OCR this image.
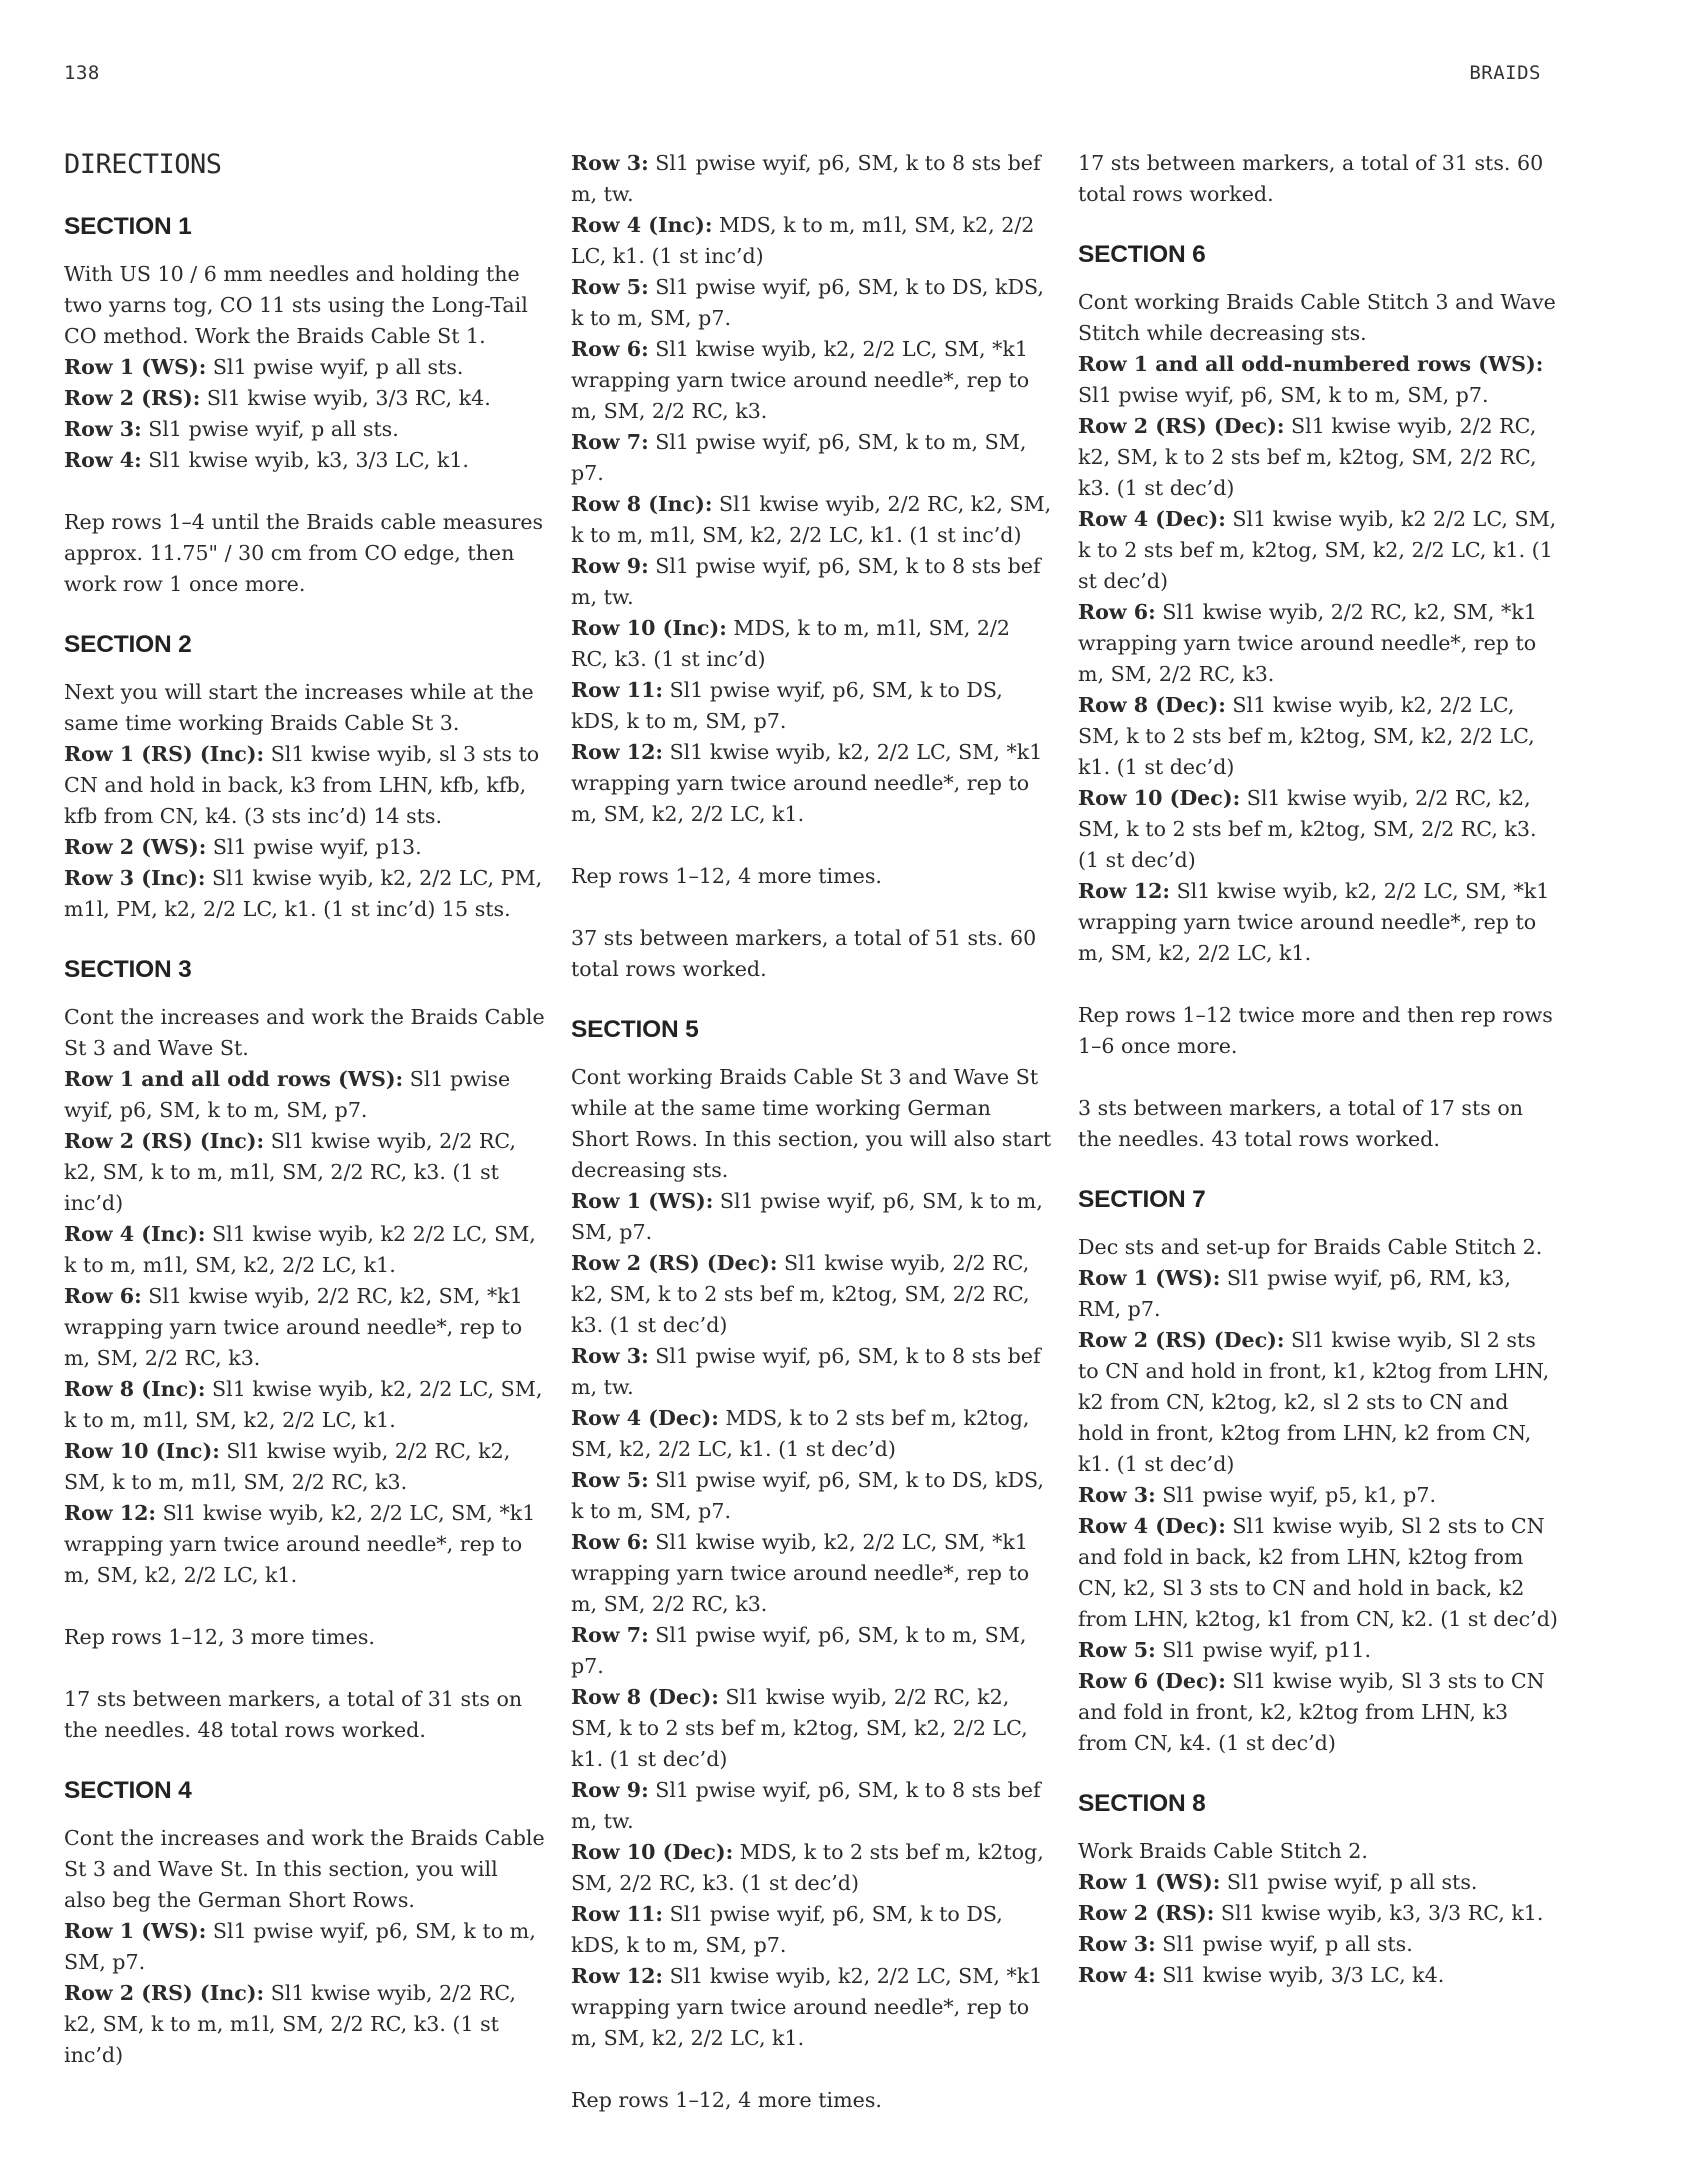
138	BRAIDS
DIRECTIONS
SECTION 1

With US 10 / 6 mm needles and holding the two yarns tog, CO 11 sts using the Long-Tail CO method. Work the Braids Cable St 1.

Row 1 (WS): Sl1 pwise wyif, p all sts.

Row 2 (RS): Sl1 kwise wyib, 3/3 RC, k4.

Row 3: Sl1 pwise wyif, p all sts.

Row 4: Sl1 kwise wyib, k3, 3/3 LC, k1.

Rep rows 1–4 until the Braids cable measures approx. 11.75" / 30 cm from CO edge, then work row 1 once more.

SECTION 2

Next you will start the increases while at the same time working Braids Cable St 3.

Row 1 (RS) (Inc): Sl1 kwise wyib, sl 3 sts to CN and hold in back, k3 from LHN, kfb, kfb, kfb from CN, k4. (3 sts inc’d) 14 sts.

Row 2 (WS): Sl1 pwise wyif, p13.

Row 3 (Inc): Sl1 kwise wyib, k2, 2/2 LC, PM, m1l, PM, k2, 2/2 LC, k1. (1 st inc’d) 15 sts.

SECTION 3

Cont the increases and work the Braids Cable St 3 and Wave St.

Row 1 and all odd rows (WS): Sl1 pwise wyif, p6, SM, k to m, SM, p7.

Row 2 (RS) (Inc): Sl1 kwise wyib, 2/2 RC, k2, SM, k to m, m1l, SM, 2/2 RC, k3. (1 st inc’d)

Row 4 (Inc): Sl1 kwise wyib, k2 2/2 LC, SM, k to m, m1l, SM, k2, 2/2 LC, k1.

Row 6: Sl1 kwise wyib, 2/2 RC, k2, SM, *k1 wrapping yarn twice around needle*, rep to m, SM, 2/2 RC, k3.

Row 8 (Inc): Sl1 kwise wyib, k2, 2/2 LC, SM, k to m, m1l, SM, k2, 2/2 LC, k1.

Row 10 (Inc): Sl1 kwise wyib, 2/2 RC, k2, SM, k to m, m1l, SM, 2/2 RC, k3.

Row 12: Sl1 kwise wyib, k2, 2/2 LC, SM, *k1 wrapping yarn twice around needle*, rep to m, SM, k2, 2/2 LC, k1.

Rep rows 1–12, 3 more times.

17 sts between markers, a total of 31 sts on the needles. 48 total rows worked.

SECTION 4

Cont the increases and work the Braids Cable St 3 and Wave St. In this section, you will also beg the German Short Rows.

Row 1 (WS): Sl1 pwise wyif, p6, SM, k to m, SM, p7.

Row 2 (RS) (Inc): Sl1 kwise wyib, 2/2 RC, k2, SM, k to m, m1l, SM, 2/2 RC, k3. (1 st inc’d)

Row 3: Sl1 pwise wyif, p6, SM, k to 8 sts bef m, tw.

Row 4 (Inc): MDS, k to m, m1l, SM, k2, 2/2 LC, k1. (1 st inc’d)

Row 5: Sl1 pwise wyif, p6, SM, k to DS, kDS, k to m, SM, p7.

Row 6: Sl1 kwise wyib, k2, 2/2 LC, SM, *k1 wrapping yarn twice around needle*, rep to m, SM, 2/2 RC, k3.

Row 7: Sl1 pwise wyif, p6, SM, k to m, SM, p7.

Row 8 (Inc): Sl1 kwise wyib, 2/2 RC, k2, SM, k to m, m1l, SM, k2, 2/2 LC, k1. (1 st inc’d)

Row 9: Sl1 pwise wyif, p6, SM, k to 8 sts bef m, tw.

Row 10 (Inc): MDS, k to m, m1l, SM, 2/2 RC, k3. (1 st inc’d)

Row 11: Sl1 pwise wyif, p6, SM, k to DS, kDS, k to m, SM, p7.

Row 12: Sl1 kwise wyib, k2, 2/2 LC, SM, *k1 wrapping yarn twice around needle*, rep to m, SM, k2, 2/2 LC, k1.

Rep rows 1–12, 4 more times.

37 sts between markers, a total of 51 sts. 60 total rows worked.

SECTION 5

Cont working Braids Cable St 3 and Wave St while at the same time working German Short Rows. In this section, you will also start decreasing sts.

Row 1 (WS): Sl1 pwise wyif, p6, SM, k to m, SM, p7.

Row 2 (RS) (Dec): Sl1 kwise wyib, 2/2 RC, k2, SM, k to 2 sts bef m, k2tog, SM, 2/2 RC, k3. (1 st dec’d)

Row 3: Sl1 pwise wyif, p6, SM, k to 8 sts bef m, tw.

Row 4 (Dec): MDS, k to 2 sts bef m, k2tog, SM, k2, 2/2 LC, k1. (1 st dec’d)

Row 5: Sl1 pwise wyif, p6, SM, k to DS, kDS, k to m, SM, p7.

Row 6: Sl1 kwise wyib, k2, 2/2 LC, SM, *k1 wrapping yarn twice around needle*, rep to m, SM, 2/2 RC, k3.

Row 7: Sl1 pwise wyif, p6, SM, k to m, SM, p7.

Row 8 (Dec): Sl1 kwise wyib, 2/2 RC, k2, SM, k to 2 sts bef m, k2tog, SM, k2, 2/2 LC, k1. (1 st dec’d)

Row 9: Sl1 pwise wyif, p6, SM, k to 8 sts bef m, tw.

Row 10 (Dec): MDS, k to 2 sts bef m, k2tog, SM, 2/2 RC, k3. (1 st dec’d)

Row 11: Sl1 pwise wyif, p6, SM, k to DS, kDS, k to m, SM, p7.

Row 12: Sl1 kwise wyib, k2, 2/2 LC, SM, *k1 wrapping yarn twice around needle*, rep to m, SM, k2, 2/2 LC, k1.

Rep rows 1–12, 4 more times.

17 sts between markers, a total of 31 sts. 60 total rows worked.

SECTION 6

Cont working Braids Cable Stitch 3 and Wave Stitch while decreasing sts.

Row 1 and all odd-numbered rows (WS): Sl1 pwise wyif, p6, SM, k to m, SM, p7.

Row 2 (RS) (Dec): Sl1 kwise wyib, 2/2 RC, k2, SM, k to 2 sts bef m, k2tog, SM, 2/2 RC, k3. (1 st dec’d)

Row 4 (Dec): Sl1 kwise wyib, k2 2/2 LC, SM, k to 2 sts bef m, k2tog, SM, k2, 2/2 LC, k1. (1 st dec’d)

Row 6: Sl1 kwise wyib, 2/2 RC, k2, SM, *k1 wrapping yarn twice around needle*, rep to m, SM, 2/2 RC, k3.

Row 8 (Dec): Sl1 kwise wyib, k2, 2/2 LC, SM, k to 2 sts bef m, k2tog, SM, k2, 2/2 LC, k1. (1 st dec’d)

Row 10 (Dec): Sl1 kwise wyib, 2/2 RC, k2, SM, k to 2 sts bef m, k2tog, SM, 2/2 RC, k3. (1 st dec’d)

Row 12: Sl1 kwise wyib, k2, 2/2 LC, SM, *k1 wrapping yarn twice around needle*, rep to m, SM, k2, 2/2 LC, k1.

Rep rows 1–12 twice more and then rep rows 1–6 once more.

3 sts between markers, a total of 17 sts on the needles. 43 total rows worked.

SECTION 7

Dec sts and set-up for Braids Cable Stitch 2.

Row 1 (WS): Sl1 pwise wyif, p6, RM, k3, RM, p7.

Row 2 (RS) (Dec): Sl1 kwise wyib, Sl 2 sts to CN and hold in front, k1, k2tog from LHN, k2 from CN, k2tog, k2, sl 2 sts to CN and hold in front, k2tog from LHN, k2 from CN, k1. (1 st dec’d)

Row 3: Sl1 pwise wyif, p5, k1, p7.

Row 4 (Dec): Sl1 kwise wyib, Sl 2 sts to CN and fold in back, k2 from LHN, k2tog from CN, k2, Sl 3 sts to CN and hold in back, k2 from LHN, k2tog, k1 from CN, k2. (1 st dec’d)

Row 5: Sl1 pwise wyif, p11.

Row 6 (Dec): Sl1 kwise wyib, Sl 3 sts to CN and fold in front, k2, k2tog from LHN, k3 from CN, k4. (1 st dec’d)

SECTION 8

Work Braids Cable Stitch 2.

Row 1 (WS): Sl1 pwise wyif, p all sts.

Row 2 (RS): Sl1 kwise wyib, k3, 3/3 RC, k1.

Row 3: Sl1 pwise wyif, p all sts.

Row 4: Sl1 kwise wyib, 3/3 LC, k4.
